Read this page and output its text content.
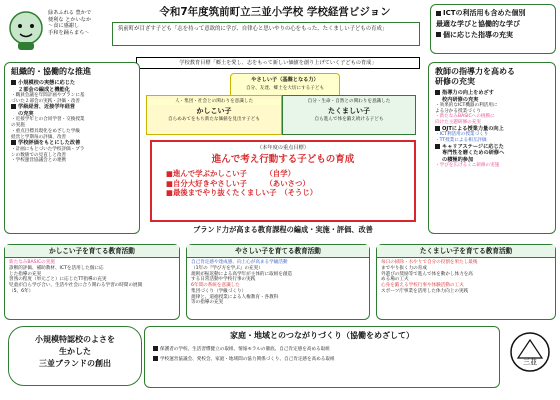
緑あふれる 豊かで
便利な とかいなか
～食に感謝し
手和を踊らまち～
令和7年度筑前町立三並小学校 学校経営ビジョン	ICTの利活用も含めた個別
最適な学びと協働的な学び
個に応じた指導の充実
筑前町が目ざす子ども「志を持って意欲的に学び、自律心と思いやりの心をもった、たくましい子どもの育成」
学校教育目標「郷土を愛し、志をもって新しい価値を創り上げていく子どもの育成」
やさしい子（基盤となる力）
自分、友達、郷土を大切にする子ども
人・集団・社会との関わりを意識した
かしこい子
自らめあてをもち新たな価値を見出す子ども
自分・生命・自然との関わりを意識した
たくましい子
自ら進んで体を鍛え続ける子ども
（本年度の重点目標）
進んで考え行動する子どもの育成
■進んで学ぶかしこい子　　　	（自学）
■自分大好きやさしい子　　　	（あいさつ）
■最後までやり抜くたくましい子　 （そうじ）
組織的・協働的な推進
小規模校の実態に応じた
２部会の編成と機能化
・職員会議を年間計画やプランに基
づいた２部会の実践・評価・改善
学級経営、近接学年経営
の充実
・近接学年との合同学習・交換授業
の実施
・重点目標具現化をめざした学級
経営と学期毎の評価、改善
学校評価をもとにした改善
・計画にもとづいた学校評価・プラ
ンの数値での見直しと改善
・学校運営協議会との連携
教師の指導力を高める
研修の充実
指導力の向上をめざす
校内研修の充実
・効果的なICT機器の利活用に
よる分かる授業づくり
・新たなみBASICへの挑戦に
向けた主題研修の充実
OJTによる授業力量の向上
・ICT利活用の授業づくり
・TT授業による相互評価
キャリアステージに応じた
専門性を磨くための研修へ
の積極的参加
・学びを広げるミニ研修の実施
ブランド力が高まる教育課程の編成・実施・評価、改善
かしこい子を育てる教育活動
新たなみBASICの実施
診断的評価、補助教材、ICTを活用した個に応
じた指導の充実
習熟の程度（単元ごと）に応じたTT指導の充実
児童が自ら学び合い、生活や社会に合う関わる学習の時間の展開
（5、6年）
やさしい子を育てる教育活動
自己肯定感や達成感、向上心が高まる学級活動
（1年の『学び方を学ぶ』の充実）
規則が振返動による高学年が主体的に取組を創造
する日常活動や学校行事の実践
6年間の系統を意識した
集団づくり（学級づくり）
規律と、道徳授業による人権教育・各教科
等の指導の充実
たくましい子を育てる教育活動
毎日の掃除・水やりで自分の役割を果たし最後
までやり抜く力の育成
外遊びの奨励等で進んで体を動かし体力を高
める場の工夫
心身を鍛える学校行事や体験活動の工夫
スポーツ庁事業を活用した体力向上の実践
小規模特認校のよさを
生かした
三並ブランドの創出
家庭・地域とのつながりづくり（協働をめざして）
保護者の学校、生活習慣健立の取組、情報モラルの徹底、自己肯定感を高める取組
学校運営協議会、愛校会、家庭・地域間の協力関係づくり、自己肯定感を高める取組	三並
